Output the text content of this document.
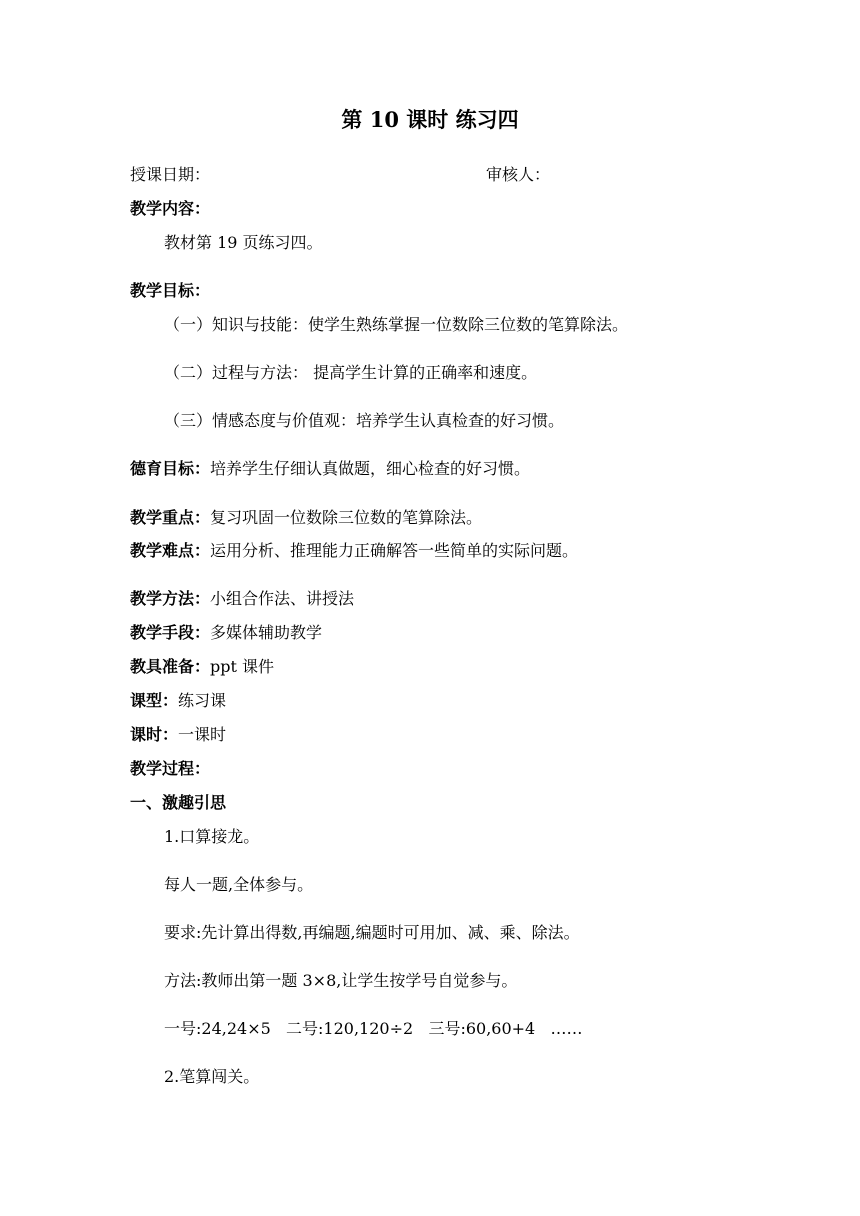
第 10 课时 练习四
授课日期：	审核人：
教学内容：
教材第 19 页练习四。
教学目标：
（一）知识与技能：使学生熟练掌握一位数除三位数的笔算除法。
（二）过程与方法： 提高学生计算的正确率和速度。
（三）情感态度与价值观：培养学生认真检查的好习惯。
德育目标：培养学生仔细认真做题，细心检查的好习惯。
教学重点：复习巩固一位数除三位数的笔算除法。
教学难点：运用分析、推理能力正确解答一些简单的实际问题。
教学方法：小组合作法、讲授法
教学手段：多媒体辅助教学
教具准备：ppt 课件
课型：练习课
课时：一课时
教学过程：
一、激趣引思
1.口算接龙。
每人一题,全体参与。
要求:先计算出得数,再编题,编题时可用加、减、乘、除法。
方法:教师出第一题 3×8,让学生按学号自觉参与。
一号:24,24×5   二号:120,120÷2   三号:60,60+4   ……
2.笔算闯关。
